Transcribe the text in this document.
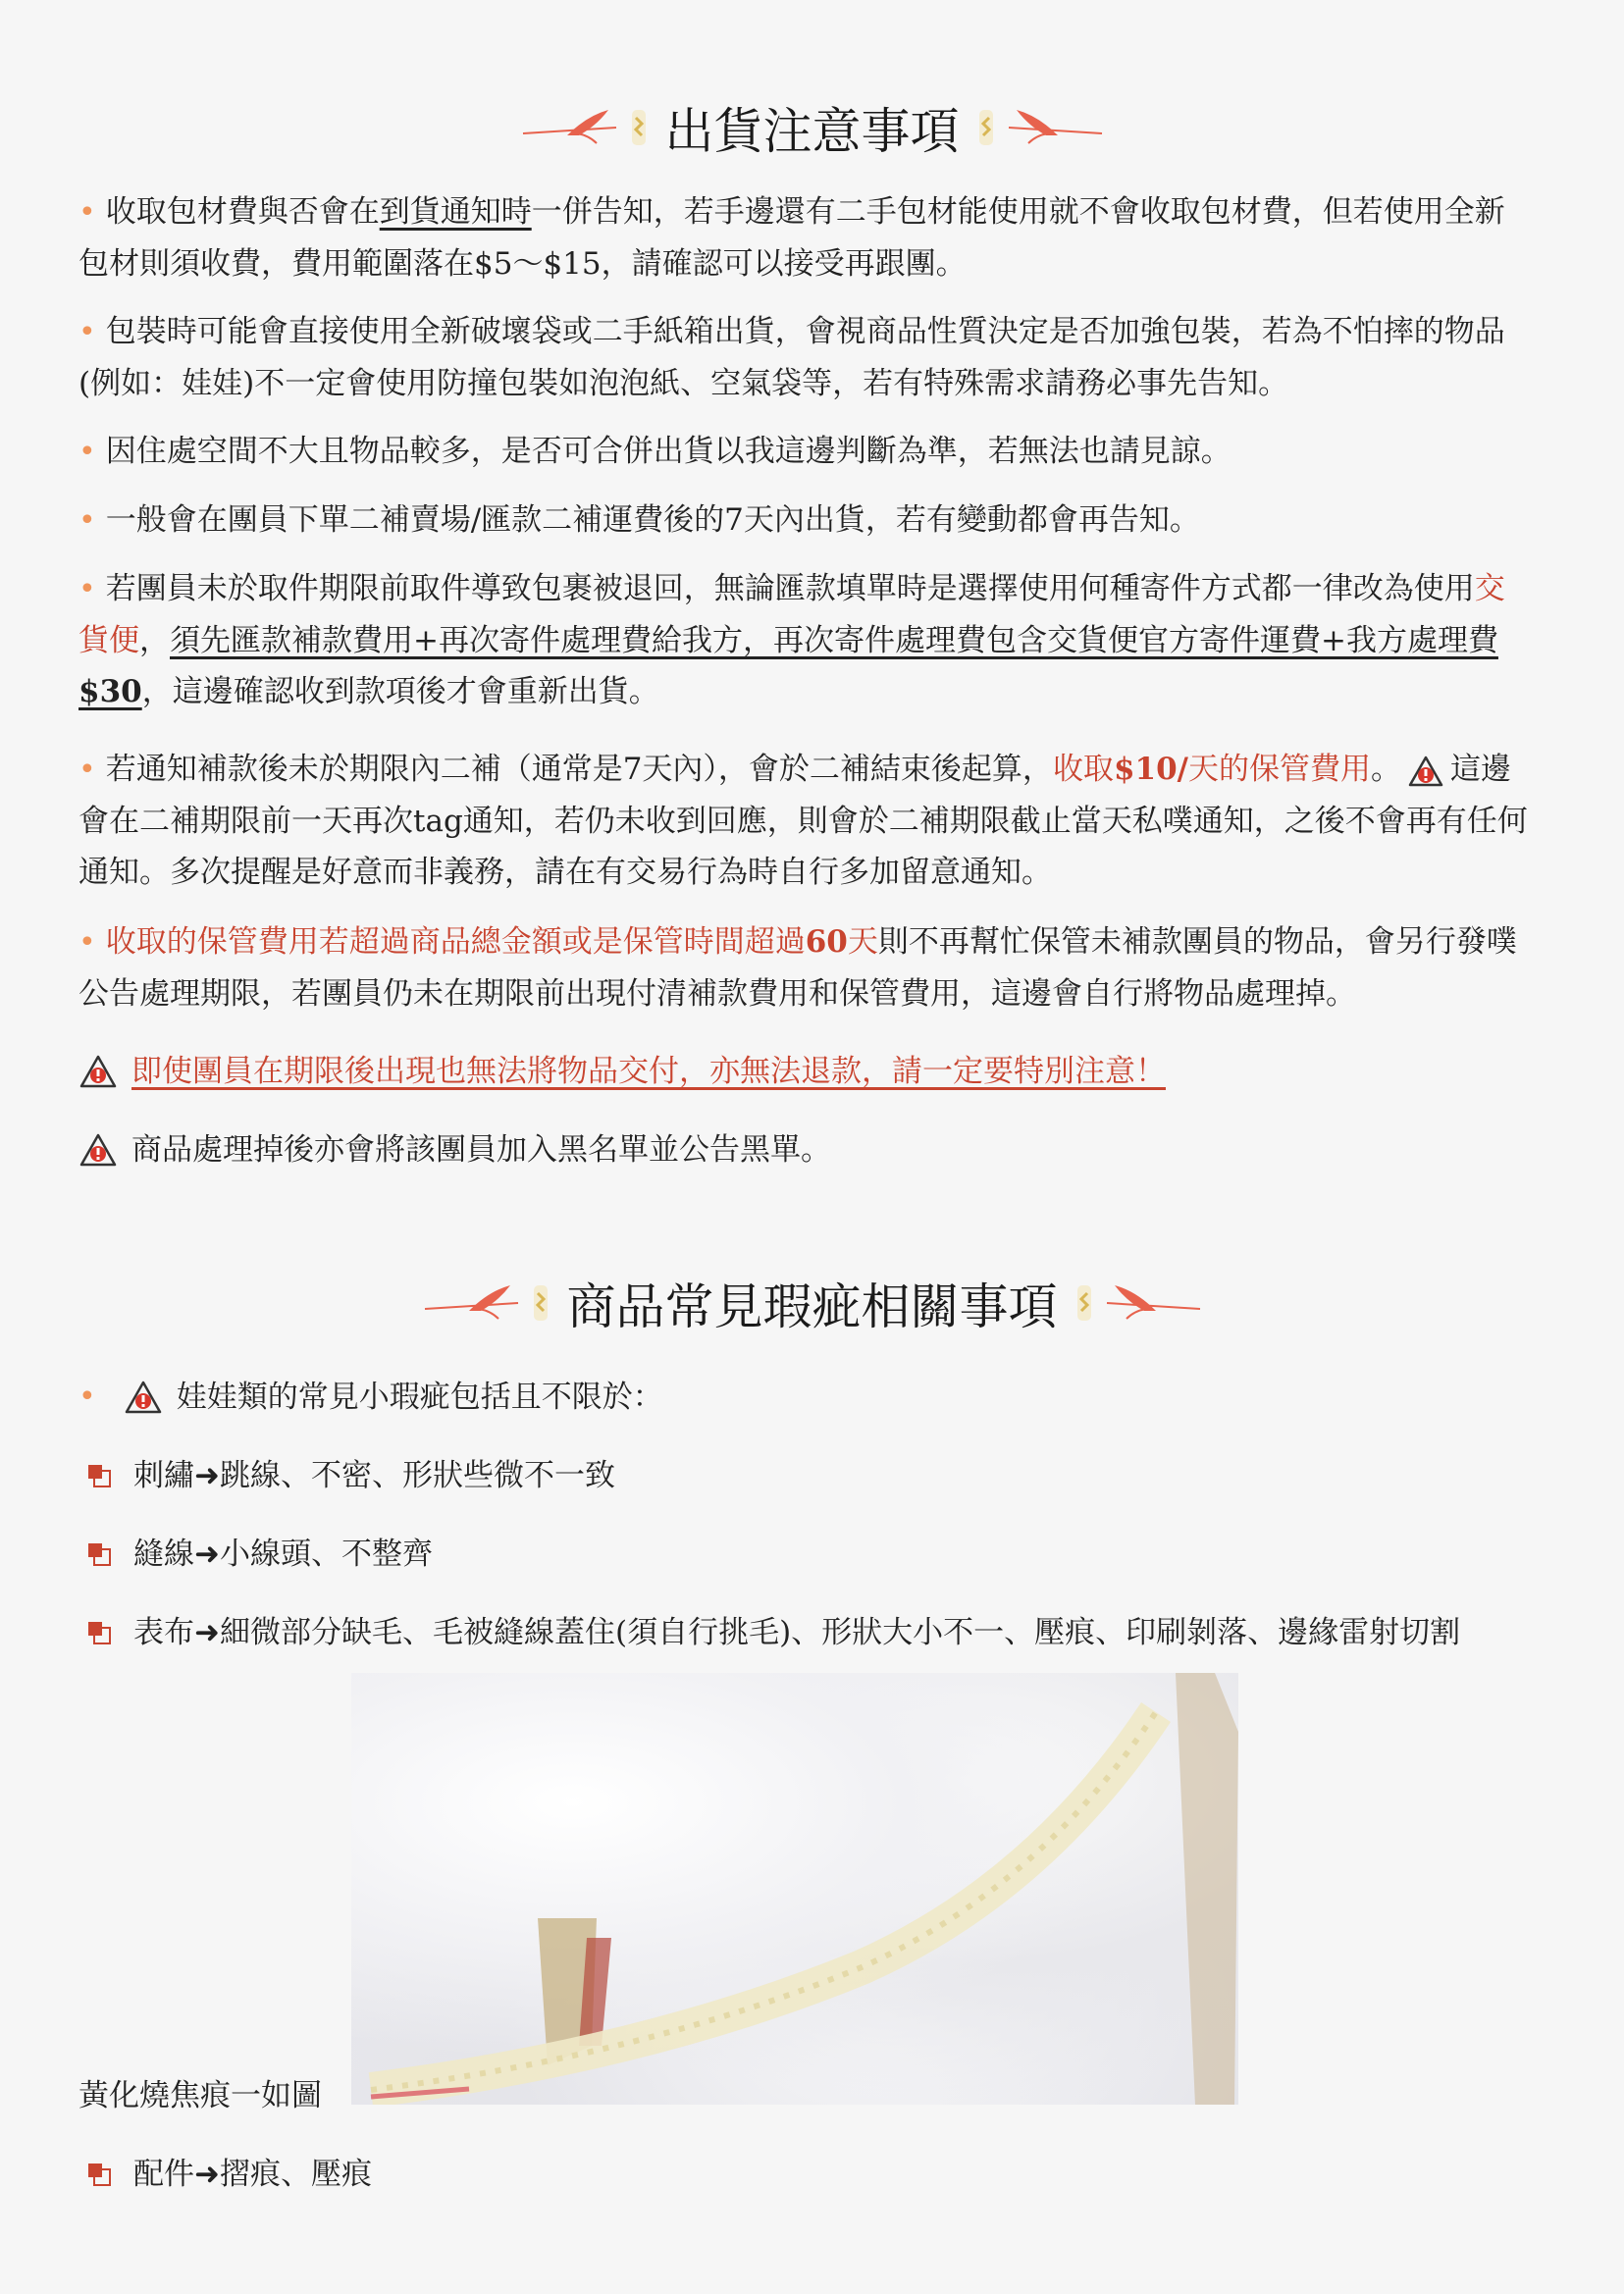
出貨注意事項
• 收取包材費與否會在到貨通知時一併告知，若手邊還有二手包材能使用就不會收取包材費，但若使用全新包材則須收費，費用範圍落在$5～$15，請確認可以接受再跟團。
• 包裝時可能會直接使用全新破壞袋或二手紙箱出貨，會視商品性質決定是否加強包裝，若為不怕摔的物品(例如：娃娃)不一定會使用防撞包裝如泡泡紙、空氣袋等，若有特殊需求請務必事先告知。
• 因住處空間不大且物品較多，是否可合併出貨以我這邊判斷為準，若無法也請見諒。
• 一般會在團員下單二補賣場/匯款二補運費後的7天內出貨，若有變動都會再告知。
• 若團員未於取件期限前取件導致包裹被退回，無論匯款填單時是選擇使用何種寄件方式都一律改為使用交貨便，須先匯款補款費用+再次寄件處理費給我方，再次寄件處理費包含交貨便官方寄件運費+我方處理費$30，這邊確認收到款項後才會重新出貨。
• 若通知補款後未於期限內二補（通常是7天內），會於二補結束後起算，收取$10/天的保管費用。 這邊會在二補期限前一天再次tag通知，若仍未收到回應，則會於二補期限截止當天私噗通知，之後不會再有任何通知。多次提醒是好意而非義務，請在有交易行為時自行多加留意通知。
• 收取的保管費用若超過商品總金額或是保管時間超過60天則不再幫忙保管未補款團員的物品，會另行發噗公告處理期限，若團員仍未在期限前出現付清補款費用和保管費用，這邊會自行將物品處理掉。
即使團員在期限後出現也無法將物品交付，亦無法退款，請一定要特別注意！
商品處理掉後亦會將該團員加入黑名單並公告黑單。
商品常見瑕疵相關事項
•	娃娃類的常見小瑕疵包括且不限於：
刺繡➜跳線、不密、形狀些微不一致
縫線➜小線頭、不整齊
表布➜細微部分缺毛、毛被縫線蓋住(須自行挑毛)、形狀大小不一、壓痕、印刷剝落、邊緣雷射切割
黃化燒焦痕一如圖
配件➜摺痕、壓痕
